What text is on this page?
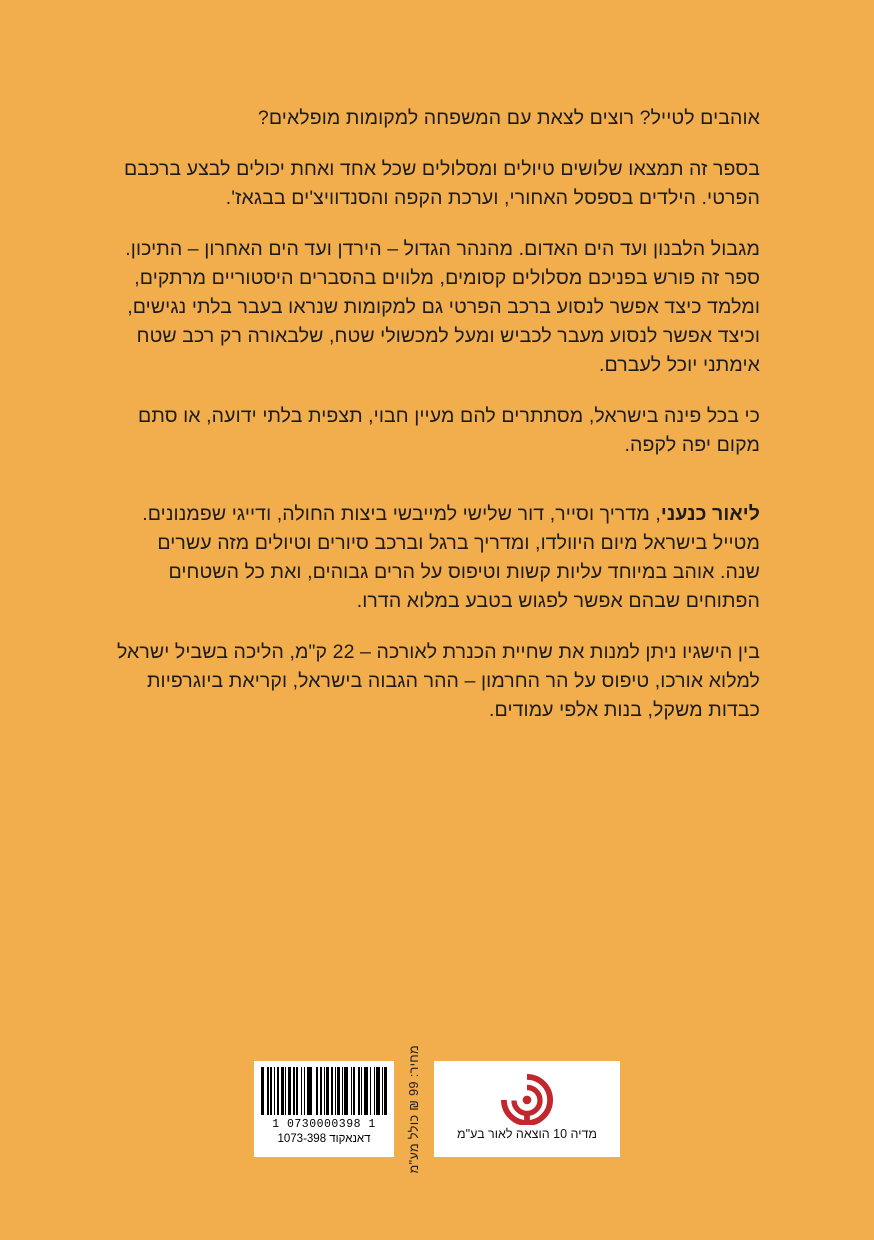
אוהבים לטייל? רוצים לצאת עם המשפחה למקומות מופלאים?

בספר זה תמצאו שלושים טיולים ומסלולים שכל אחד ואחת יכולים לבצע ברכבם הפרטי. הילדים בספסל האחורי, וערכת הקפה והסנדוויצ'ים בבגאז'.

מגבול הלבנון ועד הים האדום. מהנהר הגדול – הירדן ועד הים האחרון – התיכון. ספר זה פורש בפניכם מסלולים קסומים, מלווים בהסברים היסטוריים מרתקים, ומלמד כיצד אפשר לנסוע ברכב הפרטי גם למקומות שנראו בעבר בלתי נגישים, וכיצד אפשר לנסוע מעבר לכביש ומעל למכשולי שטח, שלבאורה רק רכב שטח אימתני יוכל לעברם.

כי בכל פינה בישראל, מסתתרים להם מעיין חבוי, תצפית בלתי ידועה, או סתם מקום יפה לקפה.

ליאור כנעני, מדריך וסייר, דור שלישי למייבשי ביצות החולה, ודייגי שפמנונים. מטייל בישראל מיום היוולדו, ומדריך ברגל וברכב סיורים וטיולים מזה עשרים שנה. אוהב במיוחד עליות קשות וטיפוס על הרים גבוהים, ואת כל השטחים הפתוחים שבהם אפשר לפגוש בטבע במלוא הדרו.

בין הישגיו ניתן למנות את שחיית הכנרת לאורכה – 22 ק"מ, הליכה בשביל ישראל למלוא אורכו, טיפוס על הר החרמון – ההר הגבוה בישראל, וקריאת ביוגרפיות כבדות משקל, בנות אלפי עמודים.

1 0730000398 1
דאנאקוד 1073-398	מחיר: 99 ₪ כולל מע"מ
מדיה 10 הוצאה לאור בע"מ
